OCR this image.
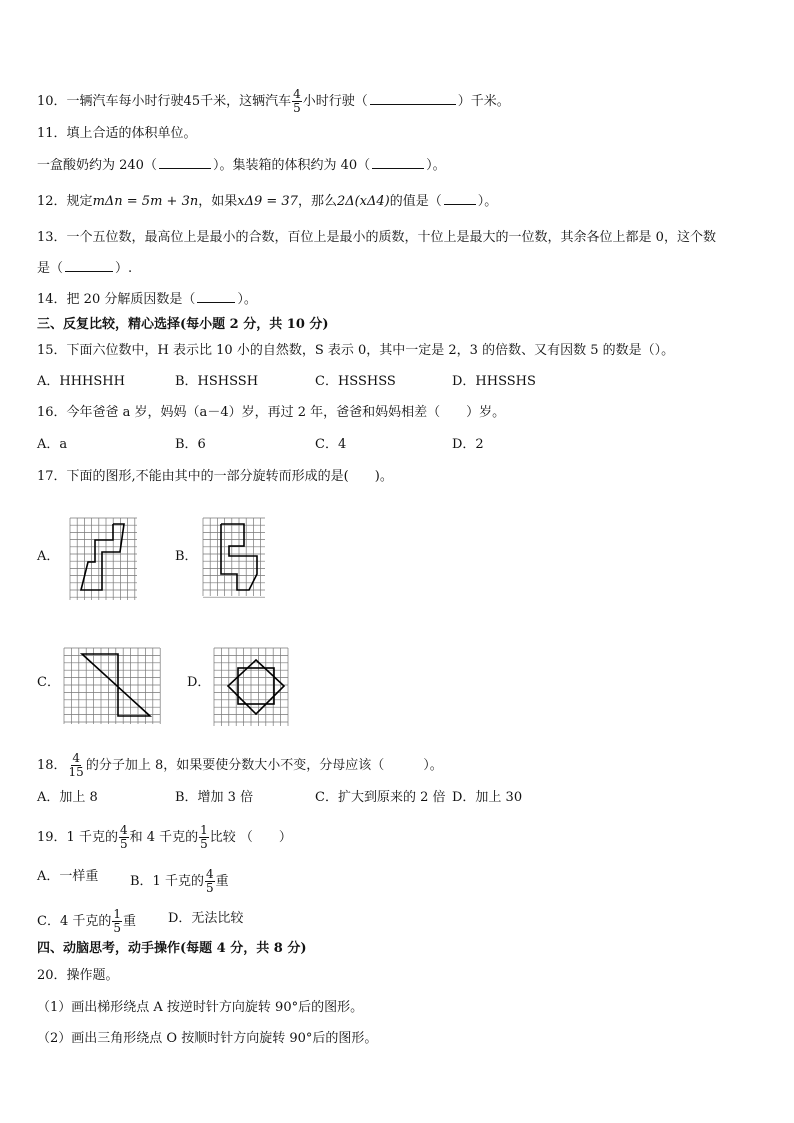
10．一辆汽车每小时行驶45千米，这辆汽车 $\frac{4}{5}$ 小时行驶（	）千米。
11．填上合适的体积单位。
一盒酸奶约为 240（	）。集装箱的体积约为 40（	）。
12．规定mΔn = 5m + 3n，如果xΔ9 = 37，那么2Δ(xΔ4)的值是（	）。
13．一个五位数，最高位上是最小的合数，百位上是最小的质数，十位上是最大的一位数，其余各位上都是 0，这个数
是（	）.
14．把 20 分解质因数是（	）。
三、反复比较，精心选择(每小题 2 分，共 10 分)
15．下面六位数中，H 表示比 10 小的自然数，S 表示 0，其中一定是 2，3 的倍数、又有因数 5 的数是（）。
A．HHHSHH	B．HSHSSH	C．HSSHSS	D．HHSSHS
16．今年爸爸 a 岁，妈妈（a－4）岁，再过 2 年，爸爸和妈妈相差（　　）岁。
A．a	B．6	C．4	D．2
17．下面的图形,不能由其中的一部分旋转而形成的是(　　)。
A．	B．
C．	D．
18． $\frac{4}{15}$ 的分子加上 8，如果要使分数大小不变，分母应该（　　　）。
A．加上 8	B．增加 3 倍	C．扩大到原来的 2 倍 D．加上 30
19．1 千克的 $\frac{4}{5}$ 和 4 千克的 $\frac{1}{5}$ 比较 （　　）
A．一样重 B．1 千克的 $\frac{4}{5}$ 重
C．4 千克的 $\frac{1}{5}$ 重 D．无法比较
四、动脑思考，动手操作(每题 4 分，共 8 分)
20．操作题。
（1）画出梯形绕点 A 按逆时针方向旋转 90°后的图形。
（2）画出三角形绕点 O 按顺时针方向旋转 90°后的图形。
